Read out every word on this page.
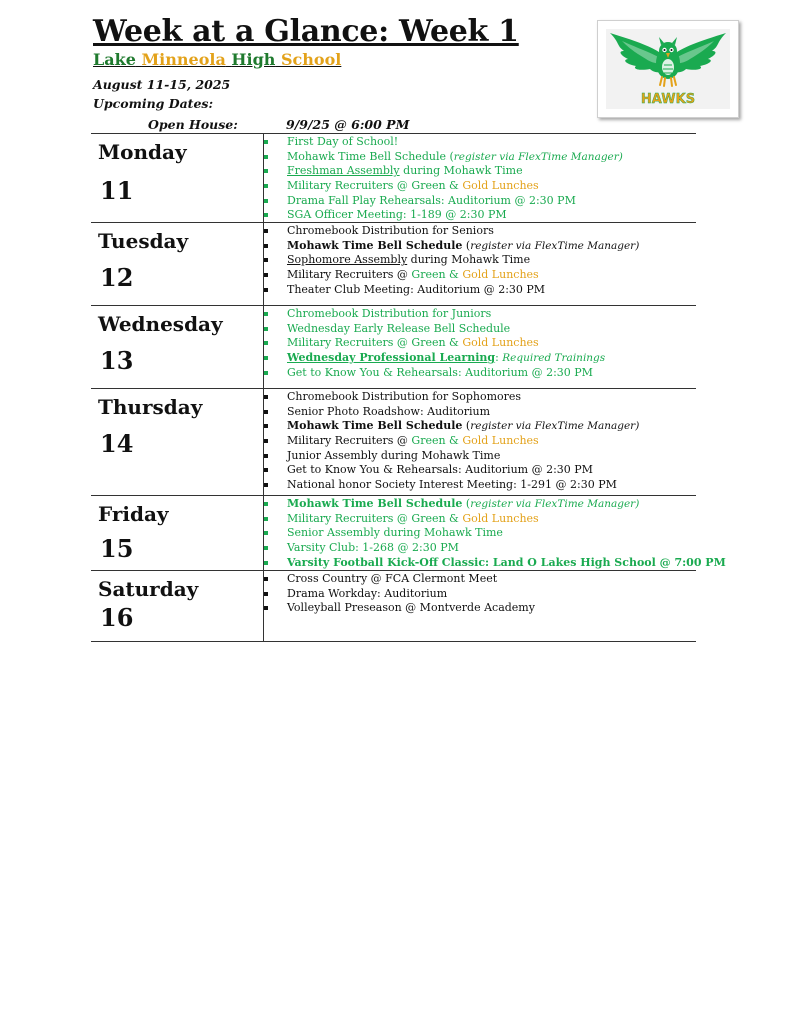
Week at a Glance: Week 1
Lake Minneola High School
August 11-15, 2025
Upcoming Dates:
Open House:	9/9/25 @ 6:00 PM
HAWKS
Monday
11
First Day of School!
Mohawk Time Bell Schedule (register via FlexTime Manager)
Freshman Assembly during Mohawk Time
Military Recruiters @ Green & Gold Lunches
Drama Fall Play Rehearsals: Auditorium @ 2:30 PM
SGA Officer Meeting: 1-189 @ 2:30 PM
Tuesday
12
Chromebook Distribution for Seniors
Mohawk Time Bell Schedule (register via FlexTime Manager)
Sophomore Assembly during Mohawk Time
Military Recruiters @ Green & Gold Lunches
Theater Club Meeting: Auditorium @ 2:30 PM
Wednesday
13
Chromebook Distribution for Juniors
Wednesday Early Release Bell Schedule
Military Recruiters @ Green & Gold Lunches
Wednesday Professional Learning: Required Trainings
Get to Know You & Rehearsals: Auditorium @ 2:30 PM
Thursday
14
Chromebook Distribution for Sophomores
Senior Photo Roadshow: Auditorium
Mohawk Time Bell Schedule (register via FlexTime Manager)
Military Recruiters @ Green & Gold Lunches
Junior Assembly during Mohawk Time
Get to Know You & Rehearsals: Auditorium @ 2:30 PM
National honor Society Interest Meeting: 1-291 @ 2:30 PM
Friday
15
Mohawk Time Bell Schedule (register via FlexTime Manager)
Military Recruiters @ Green & Gold Lunches
Senior Assembly during Mohawk Time
Varsity Club: 1-268 @ 2:30 PM
Varsity Football Kick-Off Classic: Land O Lakes High School @ 7:00 PM
Saturday
16
Cross Country @ FCA Clermont Meet
Drama Workday: Auditorium
Volleyball Preseason @ Montverde Academy
